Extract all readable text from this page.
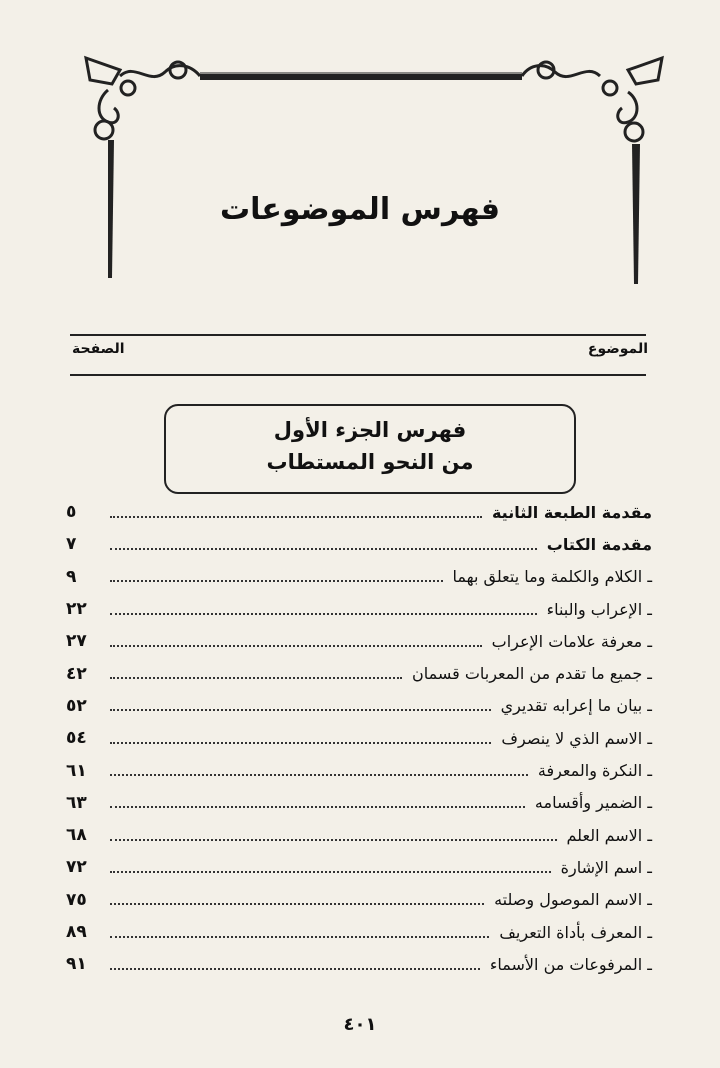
فهرس الموضوعات
الموضوع
الصفحة
فهرس الجزء الأول
من النحو المستطاب
مقدمة الطبعة الثانية
٥
مقدمة الكتاب
٧
ـ الكلام والكلمة وما يتعلق بهما
٩
ـ الإعراب والبناء
٢٢
ـ معرفة علامات الإعراب
٢٧
ـ جميع ما تقدم من المعربات قسمان
٤٢
ـ بيان ما إعرابه تقديري
٥٢
ـ الاسم الذي لا ينصرف
٥٤
ـ النكرة والمعرفة
٦١
ـ الضمير وأقسامه
٦٣
ـ الاسم العلم
٦٨
ـ اسم الإشارة
٧٢
ـ الاسم الموصول وصلته
٧٥
ـ المعرف بأداة التعريف
٨٩
ـ المرفوعات من الأسماء
٩١
٤٠١
